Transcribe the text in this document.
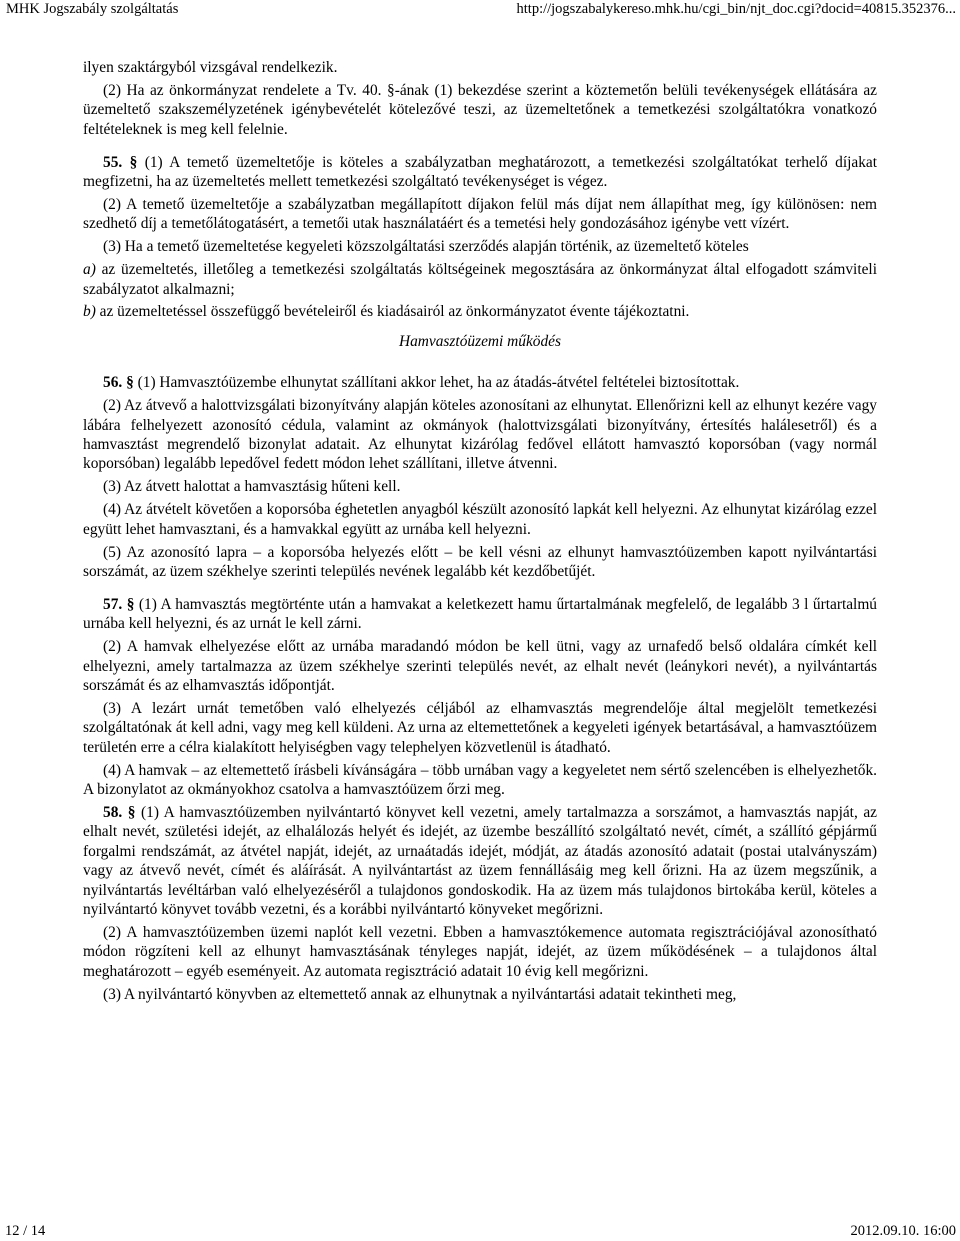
MHK Jogszabály szolgáltatás	http://jogszabalykereso.mhk.hu/cgi_bin/njt_doc.cgi?docid=40815.352376...

ilyen szaktárgyból vizsgával rendelkezik.

(2) Ha az önkormányzat rendelete a Tv. 40. §-ának (1) bekezdése szerint a köztemetőn belüli tevékenységek ellátására az üzemeltető szakszemélyzetének igénybevételét kötelezővé teszi, az üzemeltetőnek a temetkezési szolgáltatókra vonatkozó feltételeknek is meg kell felelnie.

55. § (1) A temető üzemeltetője is köteles a szabályzatban meghatározott, a temetkezési szolgáltatókat terhelő díjakat megfizetni, ha az üzemeltetés mellett temetkezési szolgáltató tevékenységet is végez.

(2) A temető üzemeltetője a szabályzatban megállapított díjakon felül más díjat nem állapíthat meg, így különösen: nem szedhető díj a temetőlátogatásért, a temetői utak használatáért és a temetési hely gondozásához igénybe vett vízért.

(3) Ha a temető üzemeltetése kegyeleti közszolgáltatási szerződés alapján történik, az üzemeltető köteles

a) az üzemeltetés, illetőleg a temetkezési szolgáltatás költségeinek megosztására az önkormányzat által elfogadott számviteli szabályzatot alkalmazni;

b) az üzemeltetéssel összefüggő bevételeiről és kiadásairól az önkormányzatot évente tájékoztatni.

Hamvasztóüzemi működés

56. § (1) Hamvasztóüzembe elhunytat szállítani akkor lehet, ha az átadás-átvétel feltételei biztosítottak.

(2) Az átvevő a halottvizsgálati bizonyítvány alapján köteles azonosítani az elhunytat. Ellenőrizni kell az elhunyt kezére vagy lábára felhelyezett azonosító cédula, valamint az okmányok (halottvizsgálati bizonyítvány, értesítés halálesetről) és a hamvasztást megrendelő bizonylat adatait. Az elhunytat kizárólag fedővel ellátott hamvasztó koporsóban (vagy normál koporsóban) legalább lepedővel fedett módon lehet szállítani, illetve átvenni.

(3) Az átvett halottat a hamvasztásig hűteni kell.

(4) Az átvételt követően a koporsóba éghetetlen anyagból készült azonosító lapkát kell helyezni. Az elhunytat kizárólag ezzel együtt lehet hamvasztani, és a hamvakkal együtt az urnába kell helyezni.

(5) Az azonosító lapra – a koporsóba helyezés előtt – be kell vésni az elhunyt hamvasztóüzemben kapott nyilvántartási sorszámát, az üzem székhelye szerinti település nevének legalább két kezdőbetűjét.

57. § (1) A hamvasztás megtörténte után a hamvakat a keletkezett hamu űrtartalmának megfelelő, de legalább 3 l űrtartalmú urnába kell helyezni, és az urnát le kell zárni.

(2) A hamvak elhelyezése előtt az urnába maradandó módon be kell ütni, vagy az urnafedő belső oldalára címkét kell elhelyezni, amely tartalmazza az üzem székhelye szerinti település nevét, az elhalt nevét (leánykori nevét), a nyilvántartás sorszámát és az elhamvasztás időpontját.

(3) A lezárt urnát temetőben való elhelyezés céljából az elhamvasztás megrendelője által megjelölt temetkezési szolgáltatónak át kell adni, vagy meg kell küldeni. Az urna az eltemettetőnek a kegyeleti igények betartásával, a hamvasztóüzem területén erre a célra kialakított helyiségben vagy telephelyen közvetlenül is átadható.

(4) A hamvak – az eltemettető írásbeli kívánságára – több urnában vagy a kegyeletet nem sértő szelencében is elhelyezhetők. A bizonylatot az okmányokhoz csatolva a hamvasztóüzem őrzi meg.

58. § (1) A hamvasztóüzemben nyilvántartó könyvet kell vezetni, amely tartalmazza a sorszámot, a hamvasztás napját, az elhalt nevét, születési idejét, az elhalálozás helyét és idejét, az üzembe beszállító szolgáltató nevét, címét, a szállító gépjármű forgalmi rendszámát, az átvétel napját, idejét, az urnaátadás idejét, módját, az átadás azonosító adatait (postai utalványszám) vagy az átvevő nevét, címét és aláírását. A nyilvántartást az üzem fennállásáig meg kell őrizni. Ha az üzem megszűnik, a nyilvántartás levéltárban való elhelyezéséről a tulajdonos gondoskodik. Ha az üzem más tulajdonos birtokába kerül, köteles a nyilvántartó könyvet tovább vezetni, és a korábbi nyilvántartó könyveket megőrizni.

(2) A hamvasztóüzemben üzemi naplót kell vezetni. Ebben a hamvasztókemence automata regisztrációjával azonosítható módon rögzíteni kell az elhunyt hamvasztásának tényleges napját, idejét, az üzem működésének – a tulajdonos által meghatározott – egyéb eseményeit. Az automata regisztráció adatait 10 évig kell megőrizni.

(3) A nyilvántartó könyvben az eltemettető annak az elhunytnak a nyilvántartási adatait tekintheti meg,

12 / 14	2012.09.10. 16:00
